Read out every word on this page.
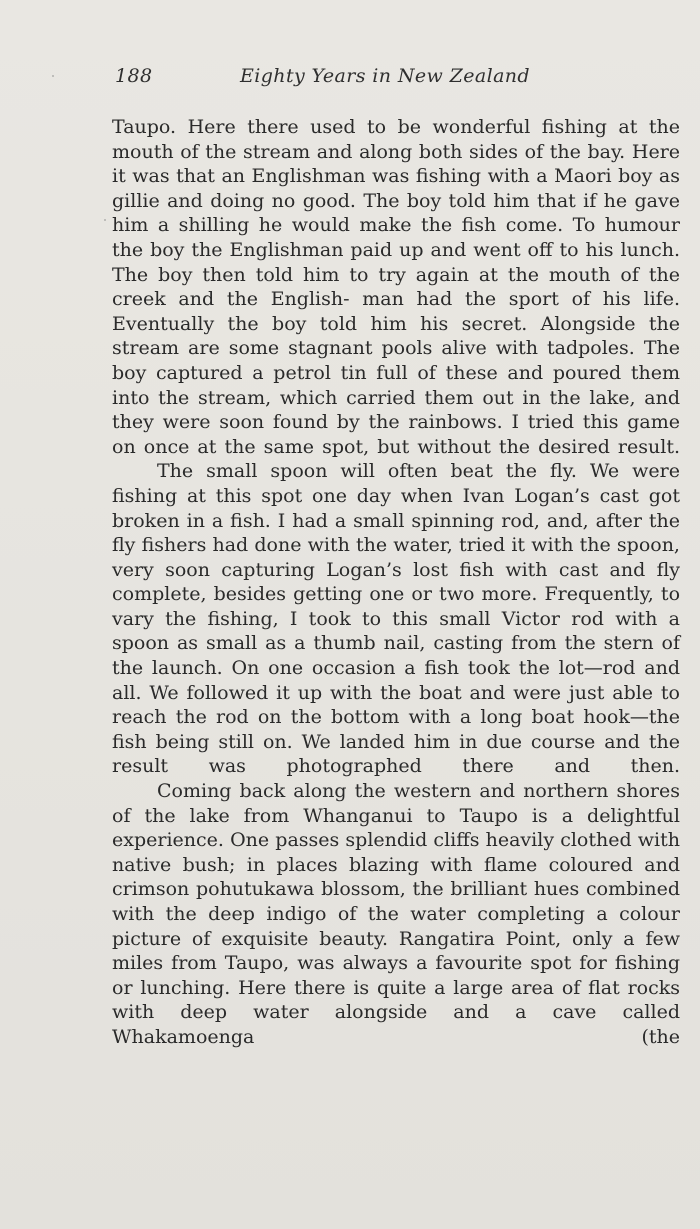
188	Eighty Years in New Zealand

Taupo. Here there used to be wonderful fishing at the mouth of the stream and along both sides of the bay. Here it was that an Englishman was fishing with a Maori boy as gillie and doing no good. The boy told him that if he gave him a shilling he would make the fish come. To humour the boy the Englishman paid up and went off to his lunch. The boy then told him to try again at the mouth of the creek and the English- man had the sport of his life. Eventually the boy told him his secret. Alongside the stream are some stagnant pools alive with tadpoles. The boy captured a petrol tin full of these and poured them into the stream, which carried them out in the lake, and they were soon found by the rainbows. I tried this game on once at the same spot, but without the desired result.

The small spoon will often beat the fly. We were fishing at this spot one day when Ivan Logan’s cast got broken in a fish. I had a small spinning rod, and, after the fly fishers had done with the water, tried it with the spoon, very soon capturing Logan’s lost fish with cast and fly complete, besides getting one or two more. Frequently, to vary the fishing, I took to this small Victor rod with a spoon as small as a thumb nail, casting from the stern of the launch. On one occasion a fish took the lot—rod and all. We followed it up with the boat and were just able to reach the rod on the bottom with a long boat hook—the fish being still on. We landed him in due course and the result was photographed there and then.

Coming back along the western and northern shores of the lake from Whanganui to Taupo is a delightful experience. One passes splendid cliffs heavily clothed with native bush; in places blazing with flame coloured and crimson pohutukawa blossom, the brilliant hues combined with the deep indigo of the water completing a colour picture of exquisite beauty. Rangatira Point, only a few miles from Taupo, was always a favourite spot for fishing or lunching. Here there is quite a large area of flat rocks with deep water alongside and a cave called Whakamoenga (the
